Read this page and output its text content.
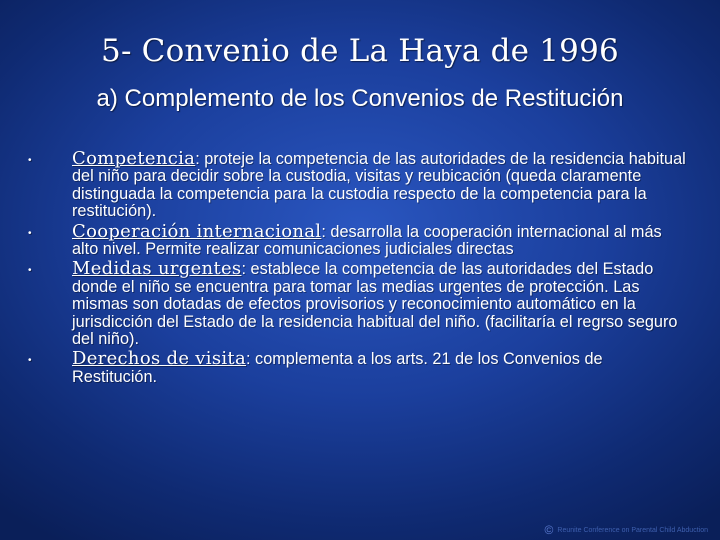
5- Convenio de La Haya de 1996
a) Complemento de los Convenios de Restitución
• Competencia: proteje la competencia de las autoridades de la residencia habitual del niño para decidir sobre la custodia, visitas y reubicación (queda claramente distinguada la competencia para la custodia respecto de la competencia para la restitución).
• Cooperación internacional: desarrolla la cooperación internacional al más alto nivel. Permite realizar comunicaciones judiciales directas
• Medidas urgentes: establece la competencia de las autoridades del Estado donde el niño se encuentra para tomar las medias urgentes de protección. Las mismas son dotadas de efectos provisorios y reconocimiento automático en la jurisdicción del Estado de la residencia habitual del niño. (facilitaría el regrso seguro del niño).
• Derechos de visita: complementa a los arts. 21 de los Convenios de Restitución.
© Reunite Conference on Parental Child Abduction
